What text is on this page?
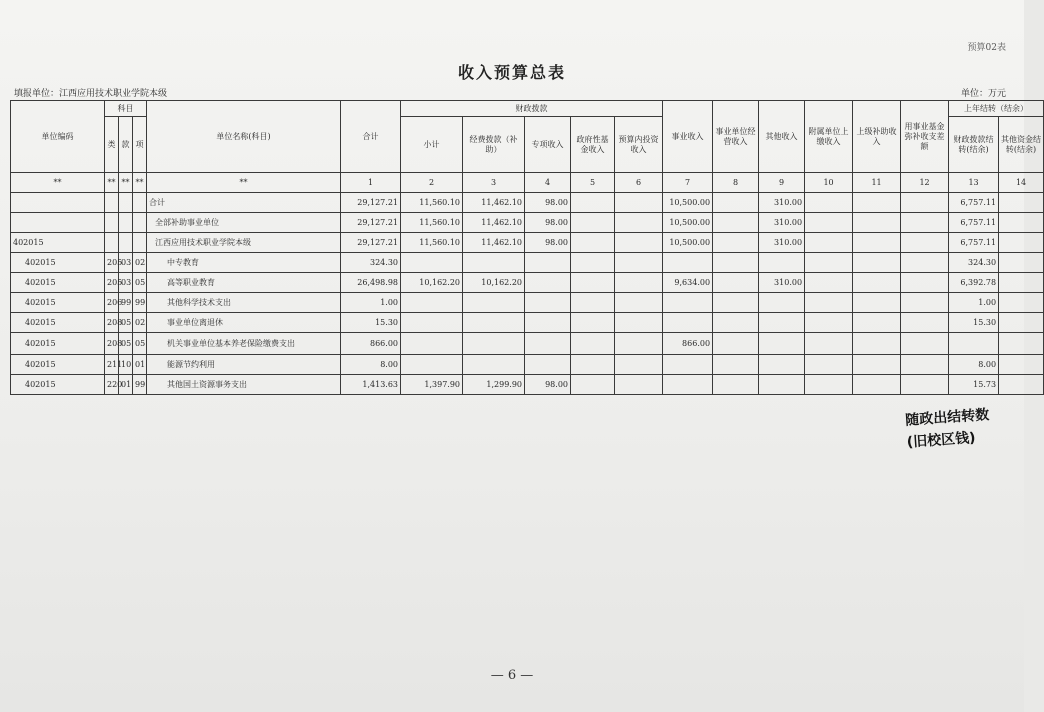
预算02表
收入预算总表
填报单位：江西应用技术职业学院本级	单位：万元
单位编码	科目			单位名称(科目)	合计	财政拨款					事业收入	事业单位经营收入	其他收入	附属单位上缴收入	上级补助收入	用事业基金弥补收支差额	上年结转（结余）	
	类	款	项			小计	经费拨款（补助）	专项收入	政府性基金收入	预算内投资收入							财政拨款结转(结余)	其他资金结转(结余)

**	**	**	**	**	1	2	3	4	5	6	7	8	9	10	11	12	13	14
				合计	29,127.21	11,560.10	11,462.10	98.00			10,500.00		310.00				6,757.11	
				全部补助事业单位	29,127.21	11,560.10	11,462.10	98.00			10,500.00		310.00				6,757.11	
402015				江西应用技术职业学院本级	29,127.21	11,560.10	11,462.10	98.00			10,500.00		310.00				6,757.11	
402015	205	03	02	中专教育	324.30												324.30	
402015	205	03	05	高等职业教育	26,498.98	10,162.20	10,162.20				9,634.00		310.00				6,392.78	
402015	206	99	99	其他科学技术支出	1.00												1.00	
402015	208	05	02	事业单位离退休	15.30												15.30	
402015	208	05	05	机关事业单位基本养老保险缴费支出	866.00						866.00							
402015	211	10	01	能源节约利用	8.00												8.00	
402015	220	01	99	其他国土资源事务支出	1,413.63	1,397.90	1,299.90	98.00									15.73	
随政出结转数
(旧校区钱)
— 6 —
